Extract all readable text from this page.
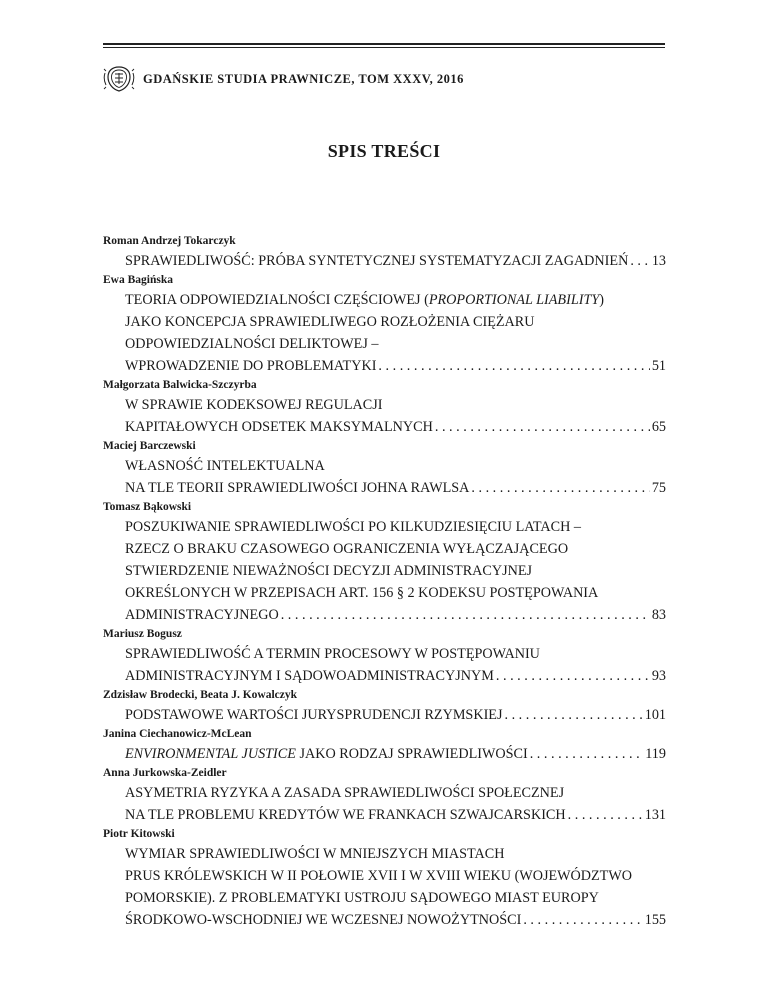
GDAŃSKIE STUDIA PRAWNICZE, TOM XXXV, 2016
SPIS TREŚCI
Roman Andrzej Tokarczyk
SPRAWIEDLIWOŚĆ: PRÓBA SYNTETYCZNEJ SYSTEMATYZACJI ZAGADNIEŃ . . . 13
Ewa Bagińska
TEORIA ODPOWIEDZIALNOŚCI CZĘŚCIOWEJ (PROPORTIONAL LIABILITY)
JAKO KONCEPCJA SPRAWIEDLIWEGO ROZŁOŻENIA CIĘŻARU
ODPOWIEDZIALNOŚCI DELIKTOWEJ –
WPROWADZENIE DO PROBLEMATYKI . . .	51
Małgorzata Balwicka-Szczyrba
W SPRAWIE KODEKSOWEJ REGULACJI
KAPITAŁOWYCH ODSETEK MAKSYMALNYCH . . .	65
Maciej Barczewski
WŁASNOŚĆ INTELEKTUALNA
NA TLE TEORII SPRAWIEDLIWOŚCI JOHNA RAWLSA . . .	75
Tomasz Bąkowski
POSZUKIWANIE SPRAWIEDLIWOŚCI PO KILKUDZIESIĘCIU LATACH –
RZECZ O BRAKU CZASOWEGO OGRANICZENIA WYŁĄCZAJĄCEGO
STWIERDZENIE NIEWAŻNOŚCI DECYZJI ADMINISTRACYJNEJ
OKREŚLONYCH W PRZEPISACH ART. 156 § 2 KODEKSU POSTĘPOWANIA
ADMINISTRACYJNEGO . . .	83
Mariusz Bogusz
SPRAWIEDLIWOŚĆ A TERMIN PROCESOWY W POSTĘPOWANIU
ADMINISTRACYJNYM I SĄDOWOADMINISTRACYJNYM . . .	93
Zdzisław Brodecki, Beata J. Kowalczyk
PODSTAWOWE WARTOŚCI JURYSPRUDENCJI RZYMSKIEJ . . .	101
Janina Ciechanowicz-McLean
ENVIRONMENTAL JUSTICE JAKO RODZAJ SPRAWIEDLIWOŚCI . . .	119
Anna Jurkowska-Zeidler
ASYMETRIA RYZYKA A ZASADA SPRAWIEDLIWOŚCI SPOŁECZNEJ
NA TLE PROBLEMU KREDYTÓW WE FRANKACH SZWAJCARSKICH . . .	131
Piotr Kitowski
WYMIAR SPRAWIEDLIWOŚCI W MNIEJSZYCH MIASTACH
PRUS KRÓLEWSKICH W II POŁOWIE XVII I W XVIII WIEKU (WOJEWÓDZTWO
POMORSKIE). Z PROBLEMATYKI USTROJU SĄDOWEGO MIAST EUROPY
ŚRODKOWO-WSCHODNIEJ WE WCZESNEJ NOWOŻYTNOŚCI . . .	155
